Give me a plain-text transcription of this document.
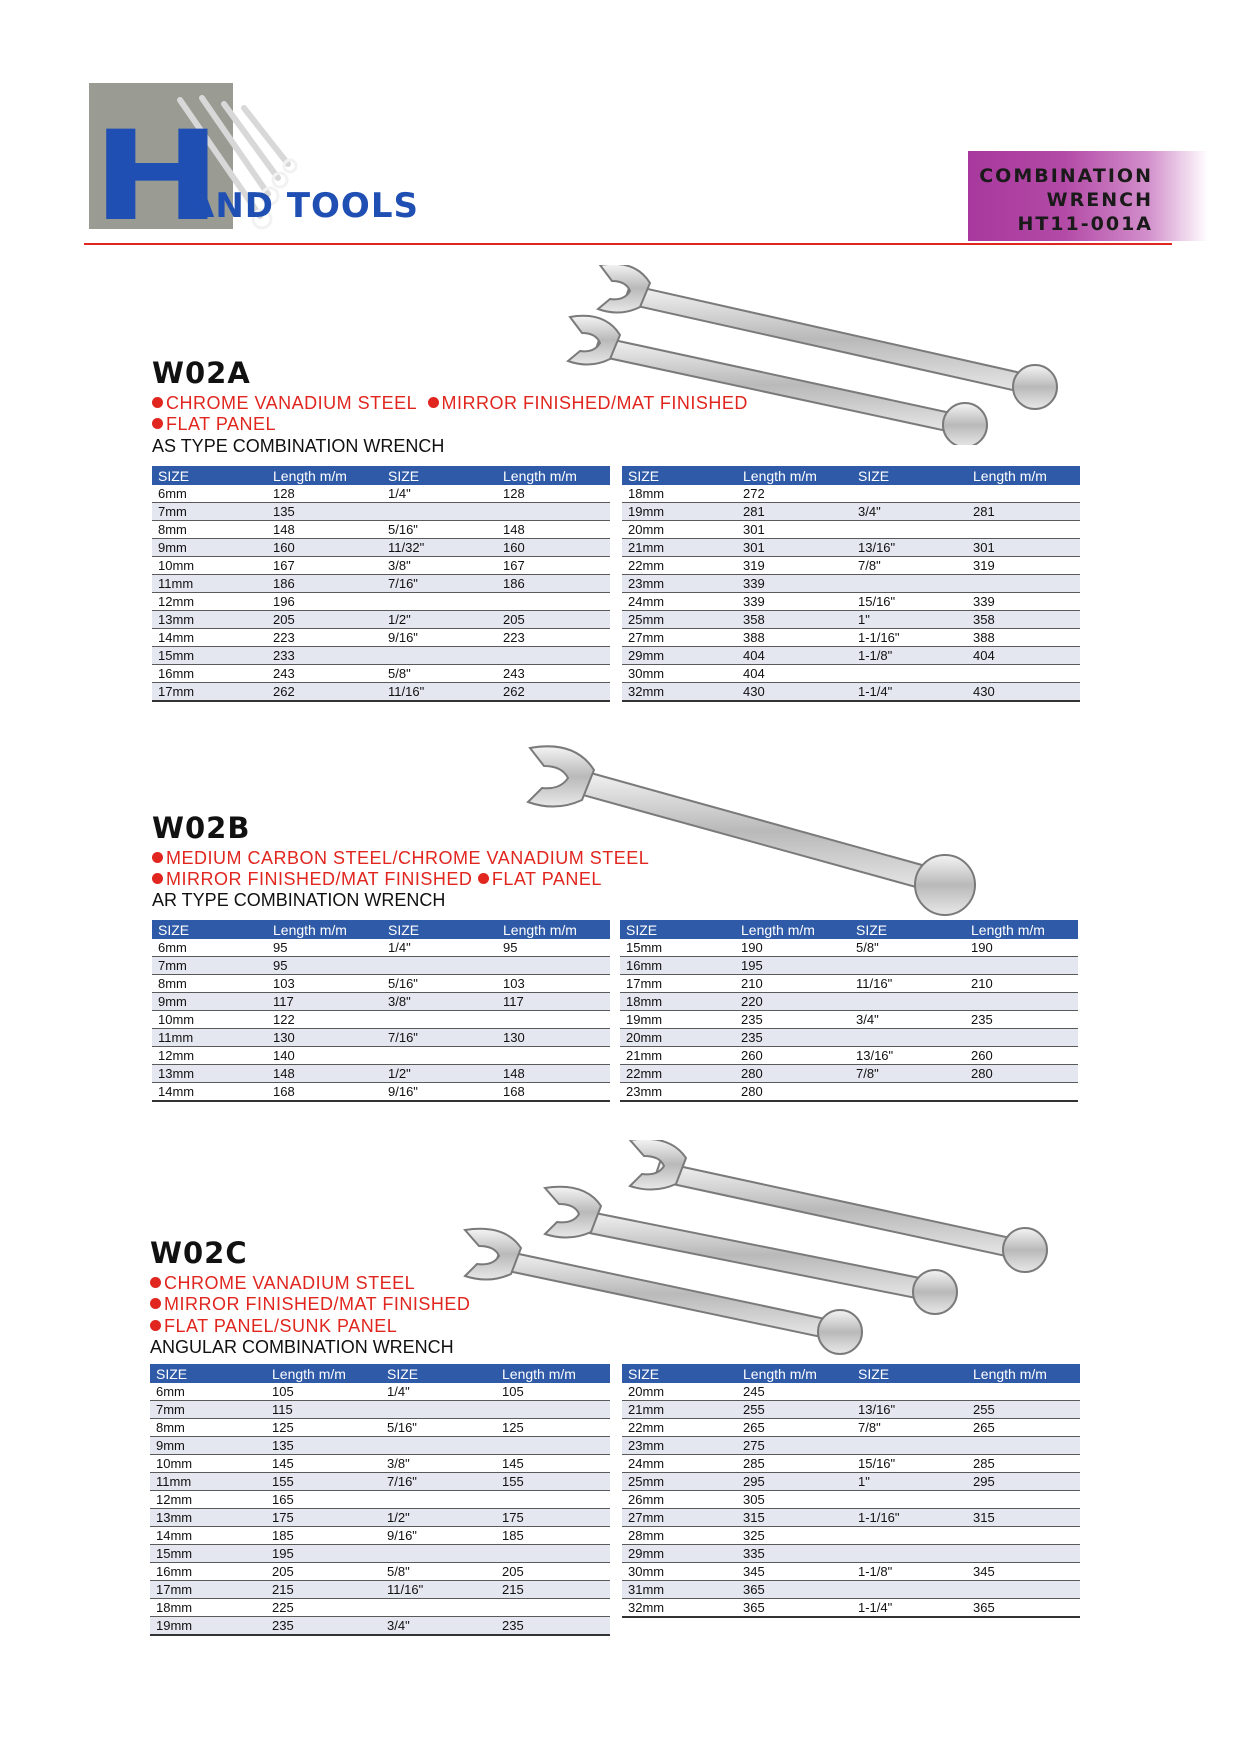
H
AND TOOLS
COMBINATION
WRENCH
HT11-001A
W02A
CHROME VANADIUM STEEL MIRROR FINISHED/MAT FINISHED
FLAT PANEL
AS TYPE COMBINATION WRENCH
SIZE	Length m/m	SIZE	Length m/m
6mm	128	1/4"	128
7mm	135		
8mm	148	5/16"	148
9mm	160	11/32"	160
10mm	167	3/8"	167
11mm	186	7/16"	186
12mm	196		
13mm	205	1/2"	205
14mm	223	9/16"	223
15mm	233		
16mm	243	5/8"	243
17mm	262	11/16"	262
SIZE	Length m/m	SIZE	Length m/m
18mm	272		
19mm	281	3/4"	281
20mm	301		
21mm	301	13/16"	301
22mm	319	7/8"	319
23mm	339		
24mm	339	15/16"	339
25mm	358	1"	358
27mm	388	1-1/16"	388
29mm	404	1-1/8"	404
30mm	404		
32mm	430	1-1/4"	430
W02B
MEDIUM CARBON STEEL/CHROME VANADIUM STEEL
MIRROR FINISHED/MAT FINISHED FLAT PANEL
AR TYPE COMBINATION WRENCH
SIZE	Length m/m	SIZE	Length m/m
6mm	95	1/4"	95
7mm	95		
8mm	103	5/16"	103
9mm	117	3/8"	117
10mm	122		
11mm	130	7/16"	130
12mm	140		
13mm	148	1/2"	148
14mm	168	9/16"	168
SIZE	Length m/m	SIZE	Length m/m
15mm	190	5/8"	190
16mm	195		
17mm	210	11/16"	210
18mm	220		
19mm	235	3/4"	235
20mm	235		
21mm	260	13/16"	260
22mm	280	7/8"	280
23mm	280		
W02C
CHROME VANADIUM STEEL
MIRROR FINISHED/MAT FINISHED
FLAT PANEL/SUNK PANEL
ANGULAR COMBINATION WRENCH
SIZE	Length m/m	SIZE	Length m/m
6mm	105	1/4"	105
7mm	115		
8mm	125	5/16"	125
9mm	135		
10mm	145	3/8"	145
11mm	155	7/16"	155
12mm	165		
13mm	175	1/2"	175
14mm	185	9/16"	185
15mm	195		
16mm	205	5/8"	205
17mm	215	11/16"	215
18mm	225		
19mm	235	3/4"	235
SIZE	Length m/m	SIZE	Length m/m
20mm	245		
21mm	255	13/16"	255
22mm	265	7/8"	265
23mm	275		
24mm	285	15/16"	285
25mm	295	1"	295
26mm	305		
27mm	315	1-1/16"	315
28mm	325		
29mm	335		
30mm	345	1-1/8"	345
31mm	365		
32mm	365	1-1/4"	365
